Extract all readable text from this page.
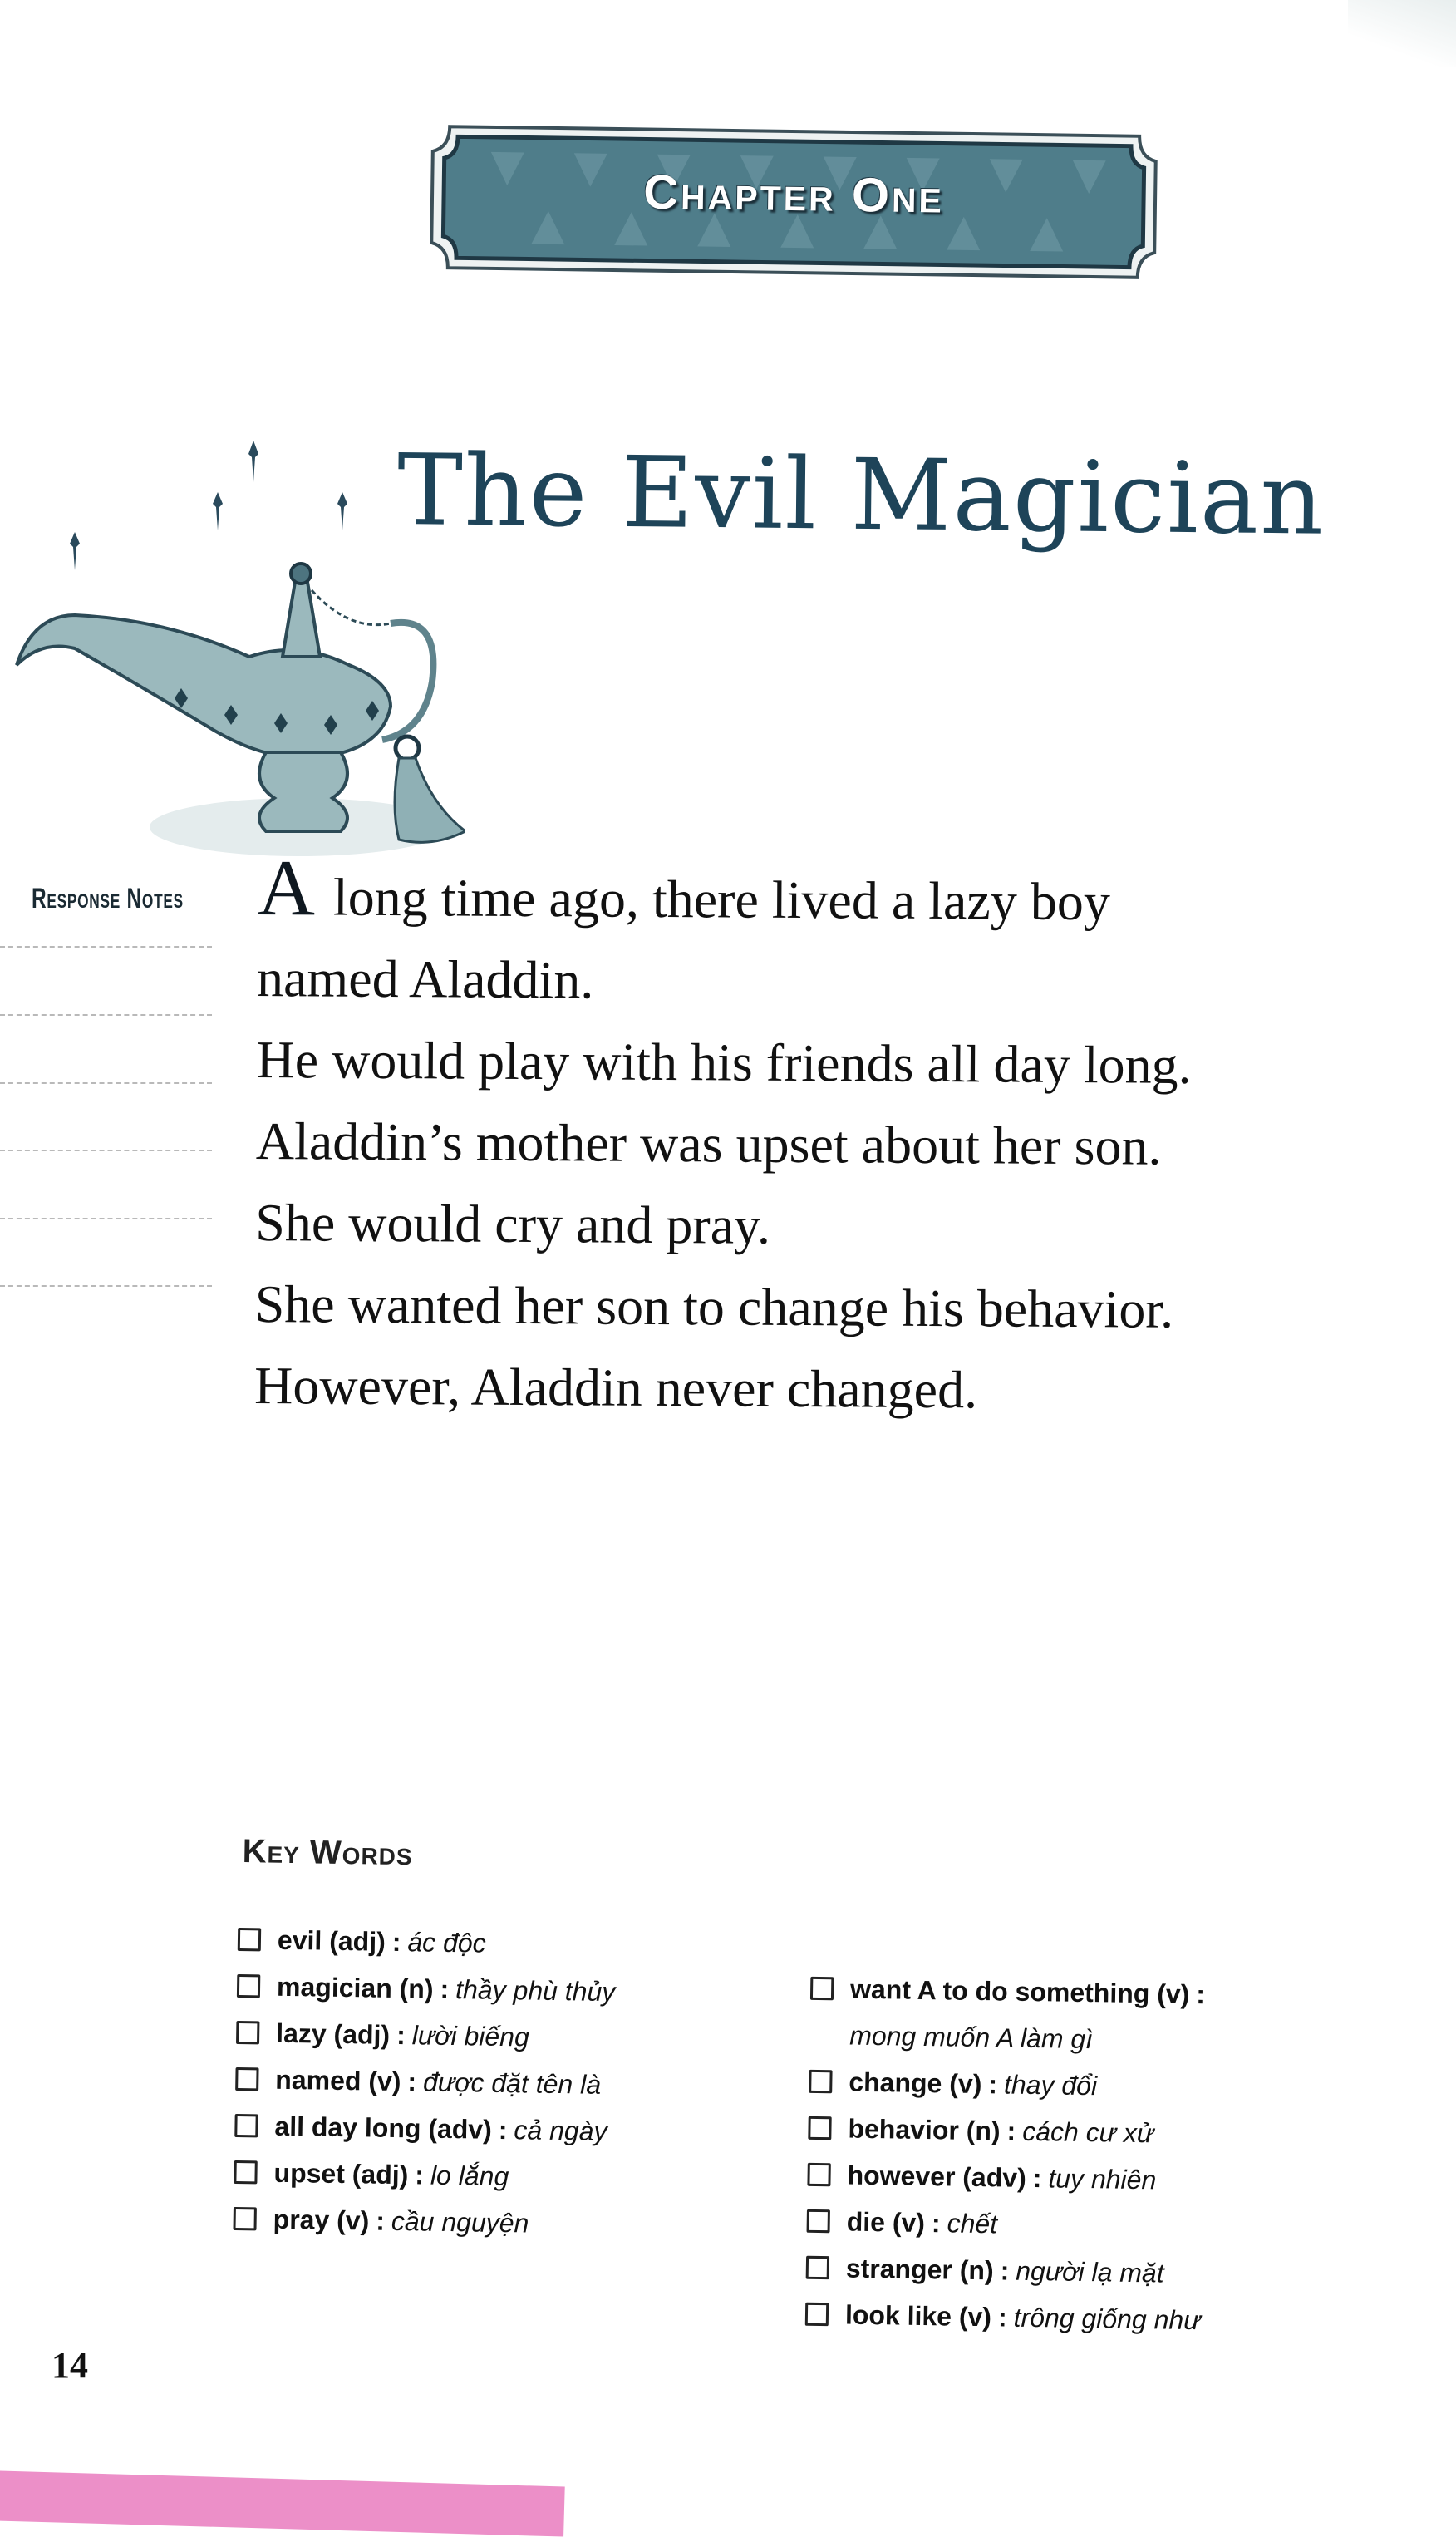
Chapter One
The Evil Magician
Response Notes A long time ago, there lived a lazy boy
named Aladdin.
He would play with his friends all day long.
Aladdin’s mother was upset about her son.
She would cry and pray.
She wanted her son to change his behavior.
However, Aladdin never changed.
Key Words
evil (adj) : ác độc
magician (n) : thầy phù thủy
lazy (adj) : lười biếng
named (v) : được đặt tên là
all day long (adv) : cả ngày
upset (adj) : lo lắng
pray (v) : cầu nguyện
want A to do something (v) :
mong muốn A làm gì
change (v) : thay đổi
behavior (n) : cách cư xử
however (adv) : tuy nhiên
die (v) : chết
stranger (n) : người lạ mặt
look like (v) : trông giống như
14
